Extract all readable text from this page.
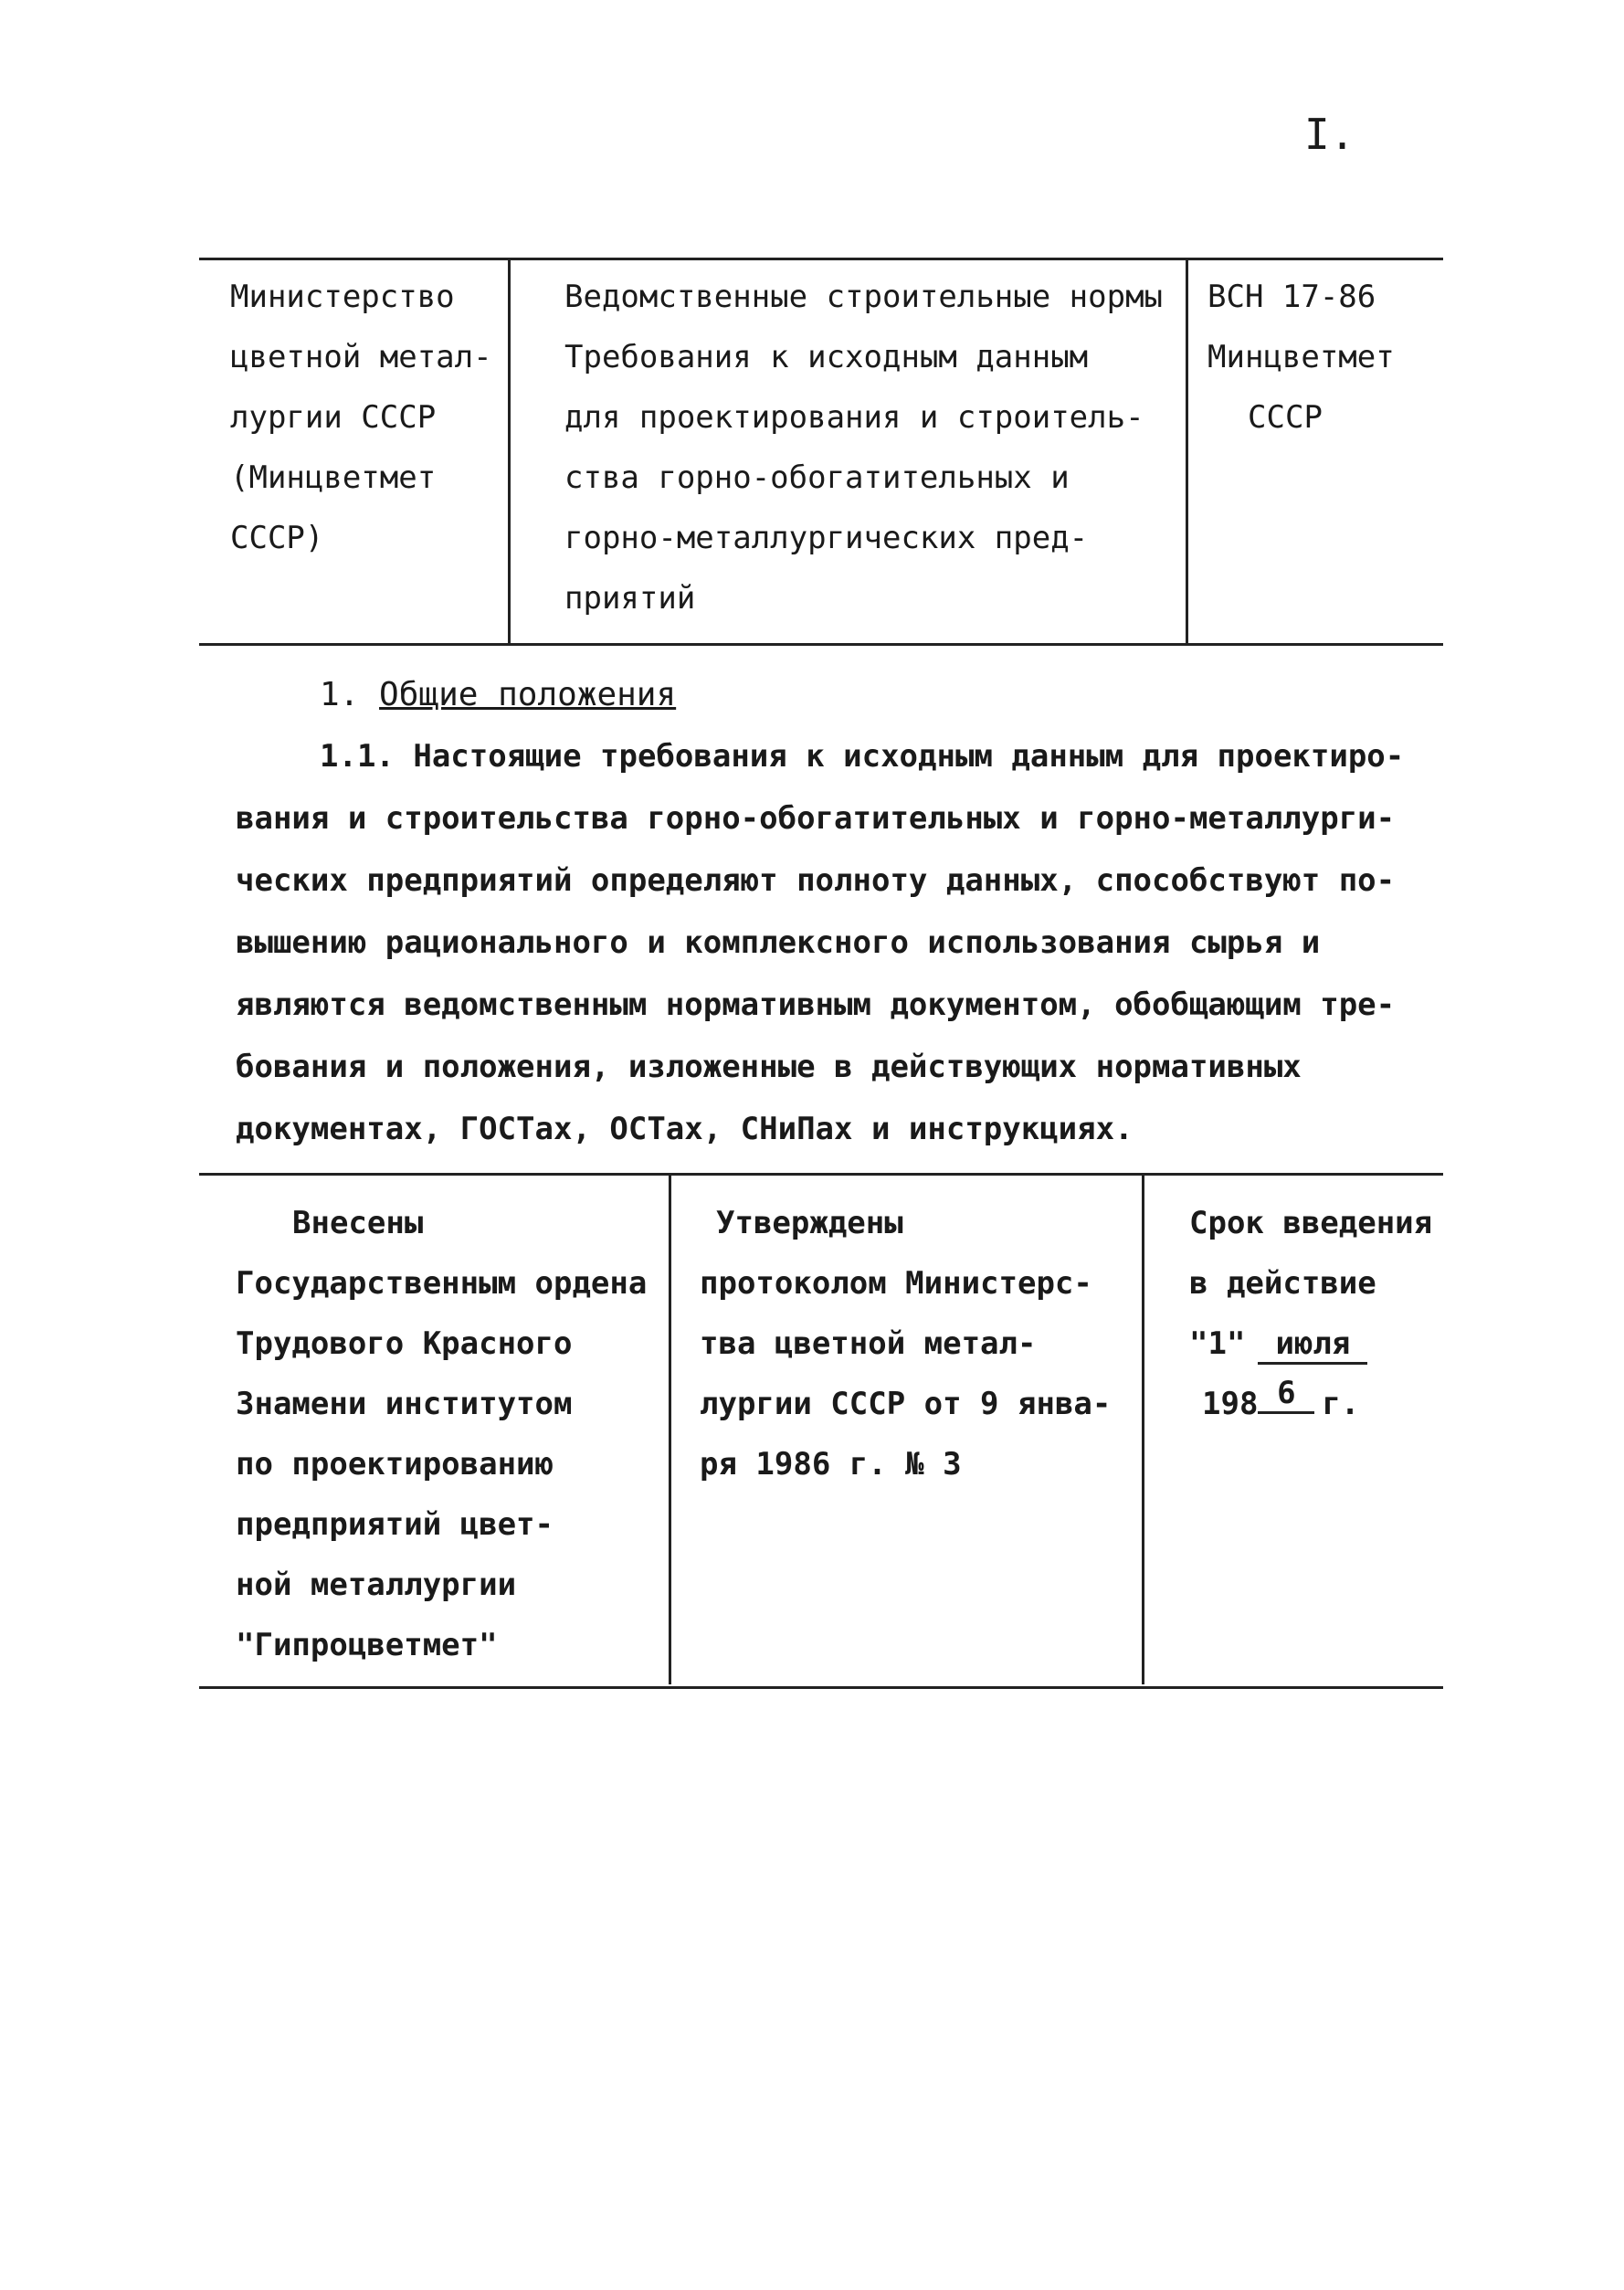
I.
Министерство
цветной метал-
лургии СССР
(Минцветмет
СССР)
Ведомственные строительные нормы
Требования к исходным данным
для проектирования и строитель-
ства горно-обогатительных и
горно-металлургических пред-
приятий
ВСН 17-86
Минцветмет
СССР
1. Общие положения
1.1. Настоящие требования к исходным данным для проектиро-
вания и строительства горно-обогатительных и горно-металлурги-
ческих предприятий определяют полноту данных, способствуют по-
вышению рационального и комплексного использования сырья и
являются ведомственным нормативным документом, обобщающим тре-
бования и положения, изложенные в действующих нормативных
документах, ГОСТах, ОСТах, СНиПах и инструкциях.
Внесены
Государственным ордена
Трудового Красного
Знамени институтом
по проектированию
предприятий цвет-
ной металлургии
"Гипроцветмет"
Утверждены
протоколом Министерс-
тва цветной метал-
лургии СССР от 9 янва-
ря 1986 г. № 3
Срок введения
в действие
"1" июля
198 6 г.
